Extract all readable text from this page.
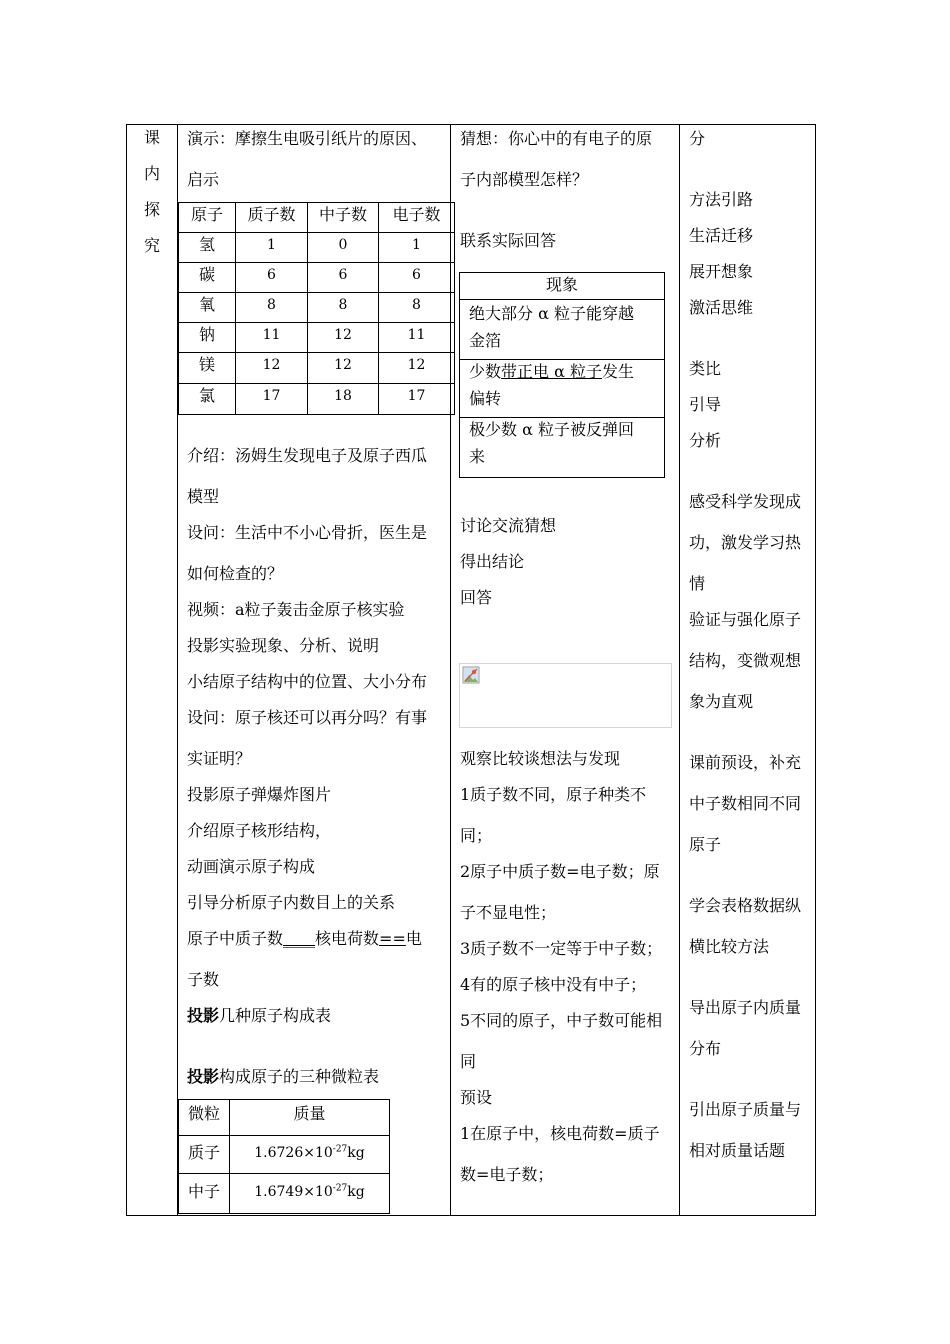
课
内
探
究
演示：摩擦生电吸引纸片的原因、
启示
原子	质子数	中子数	电子数
氢	1	0	1
碳	6	6	6
氧	8	8	8
钠	11	12	11
镁	12	12	12
氯	17	18	17
介绍：汤姆生发现电子及原子西瓜
模型
设问：生活中不小心骨折，医生是
如何检查的？
视频：a粒子轰击金原子核实验
投影实验现象、分析、说明
小结原子结构中的位置、大小分布
设问：原子核还可以再分吗？有事
实证明？
投影原子弹爆炸图片
介绍原子核形结构，
动画演示原子构成
引导分析原子内数目上的关系
原子中质子数____核电荷数==电
子数
投影几种原子构成表
投影构成原子的三种微粒表
微粒	质量
质子	$1.6726\times 10^{-27}kg$
中子	$1.6749\times 10^{-27}kg$
猜想：你心中的有电子的原
子内部模型怎样？
联系实际回答
现象
绝大部分 α 粒子能穿越
金箔
少数带正电 α 粒子发生
偏转
极少数 α 粒子被反弹回
来
讨论交流猜想
得出结论
回答
观察比较谈想法与发现
1质子数不同，原子种类不
同；
2原子中质子数=电子数；原
子不显电性；
3质子数不一定等于中子数；
4有的原子核中没有中子；
5不同的原子，中子数可能相
同
预设
1在原子中，核电荷数=质子
数=电子数；
分
方法引路
生活迁移
展开想象
激活思维
类比
引导
分析
感受科学发现成
功，激发学习热
情
验证与强化原子
结构，变微观想
象为直观
课前预设，补充
中子数相同不同
原子
学会表格数据纵
横比较方法
导出原子内质量
分布
引出原子质量与
相对质量话题
